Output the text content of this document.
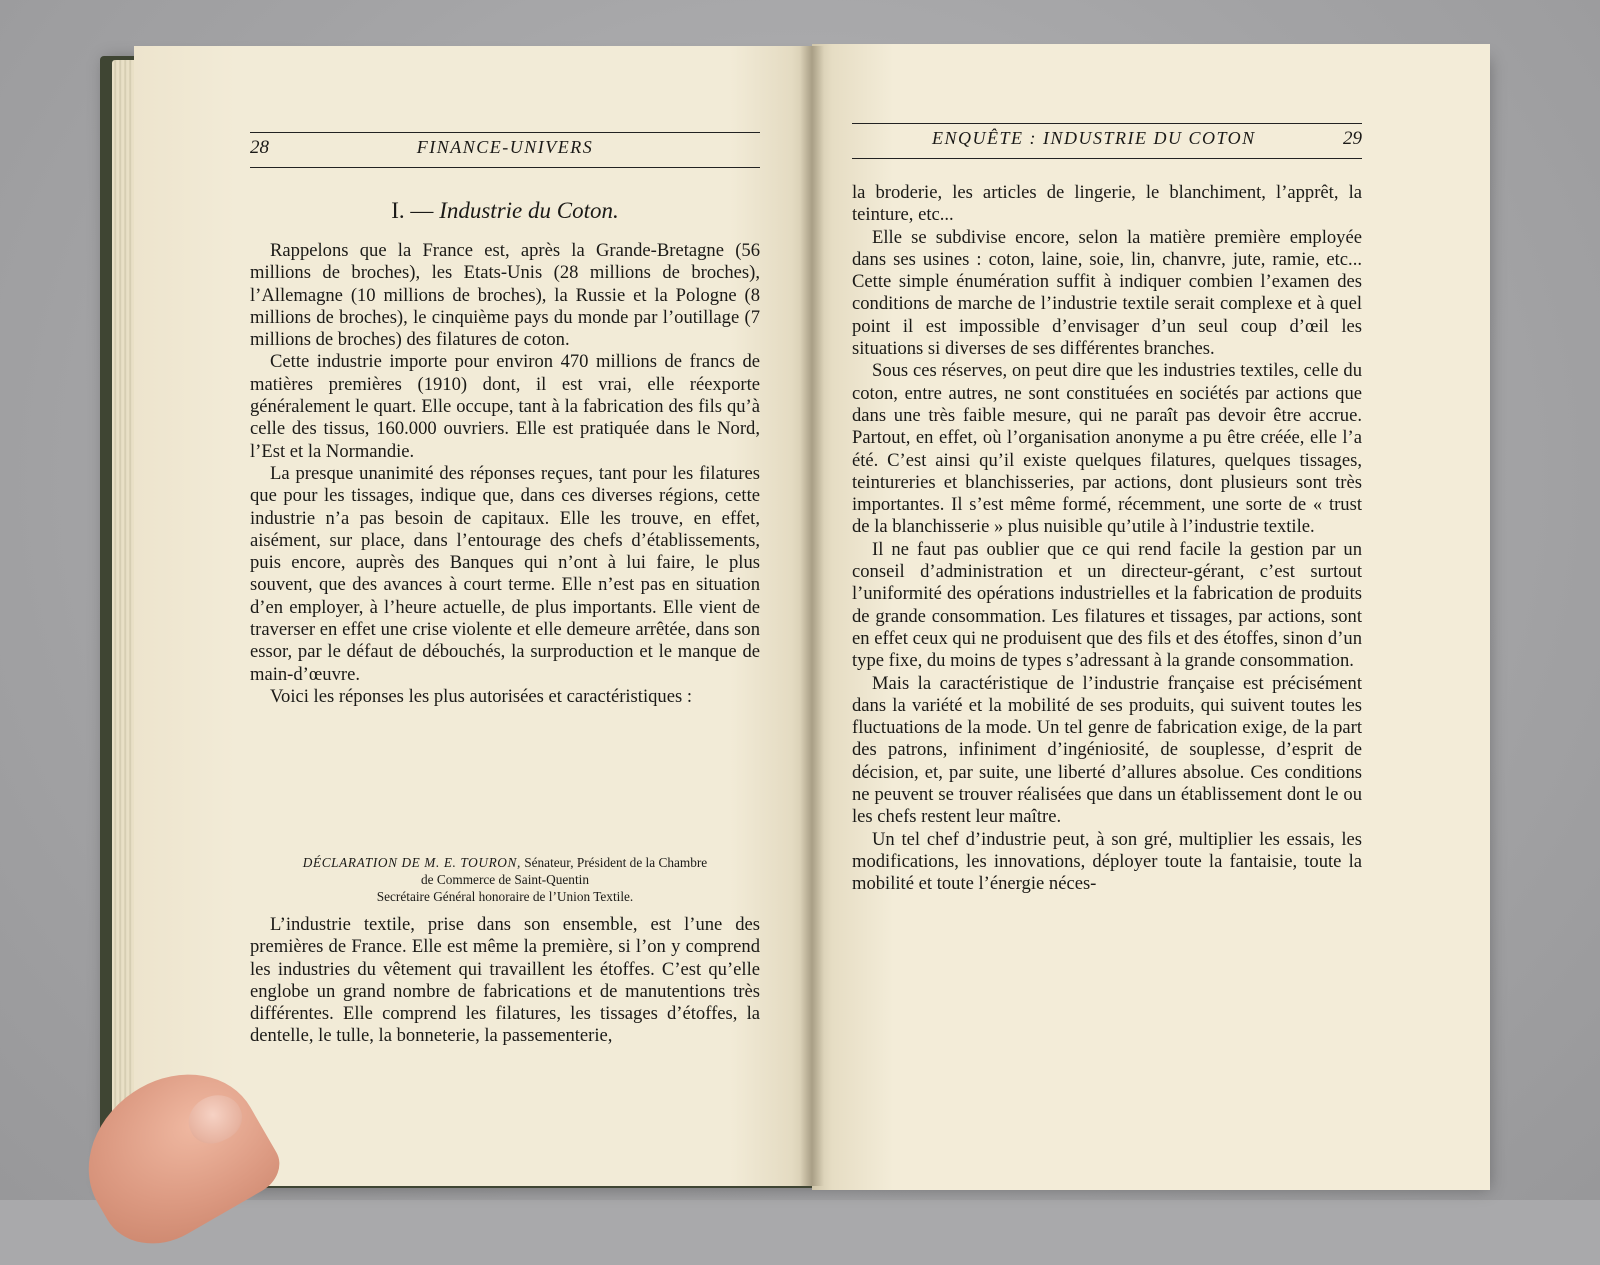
28	FINANCE-UNIVERS
I. — Industrie du Coton.

Rappelons que la France est, après la Grande-Bretagne (56 millions de broches), les Etats-Unis (28 millions de broches), l’Allemagne (10 millions de broches), la Russie et la Pologne (8 millions de broches), le cinquième pays du monde par l’outillage (7 millions de broches) des filatures de coton.

Cette industrie importe pour environ 470 millions de francs de matières premières (1910) dont, il est vrai, elle réexporte généralement le quart. Elle occupe, tant à la fabrication des fils qu’à celle des tissus, 160.000 ouvriers. Elle est pratiquée dans le Nord, l’Est et la Normandie.

La presque unanimité des réponses reçues, tant pour les filatures que pour les tissages, indique que, dans ces diverses régions, cette industrie n’a pas besoin de capitaux. Elle les trouve, en effet, aisément, sur place, dans l’entourage des chefs d’établissements, puis encore, auprès des Banques qui n’ont à lui faire, le plus souvent, que des avances à court terme. Elle n’est pas en situation d’en employer, à l’heure actuelle, de plus importants. Elle vient de traverser en effet une crise violente et elle demeure arrêtée, dans son essor, par le défaut de débouchés, la surproduction et le manque de main-d’œuvre.

Voici les réponses les plus autorisées et caractéristiques :

DÉCLARATION DE M. E. TOURON, Sénateur, Président de la Chambre
de Commerce de Saint-Quentin
Secrétaire Général honoraire de l’Union Textile.

L’industrie textile, prise dans son ensemble, est l’une des premières de France. Elle est même la première, si l’on y comprend les industries du vêtement qui travaillent les étoffes. C’est qu’elle englobe un grand nombre de fabrications et de manutentions très différentes. Elle comprend les filatures, les tissages d’étoffes, la dentelle, le tulle, la bonneterie, la passementerie,

ENQUÊTE : INDUSTRIE DU COTON	29

la broderie, les articles de lingerie, le blanchiment, l’apprêt, la teinture, etc...

Elle se subdivise encore, selon la matière première employée dans ses usines : coton, laine, soie, lin, chanvre, jute, ramie, etc... Cette simple énumération suffit à indiquer combien l’examen des conditions de marche de l’industrie textile serait complexe et à quel point il est impossible d’envisager d’un seul coup d’œil les situations si diverses de ses différentes branches.

Sous ces réserves, on peut dire que les industries textiles, celle du coton, entre autres, ne sont constituées en sociétés par actions que dans une très faible mesure, qui ne paraît pas devoir être accrue. Partout, en effet, où l’organisation anonyme a pu être créée, elle l’a été. C’est ainsi qu’il existe quelques filatures, quelques tissages, teintureries et blanchisseries, par actions, dont plusieurs sont très importantes. Il s’est même formé, récemment, une sorte de « trust de la blanchisserie » plus nuisible qu’utile à l’industrie textile.

Il ne faut pas oublier que ce qui rend facile la gestion par un conseil d’administration et un directeur-gérant, c’est surtout l’uniformité des opérations industrielles et la fabrication de produits de grande consommation. Les filatures et tissages, par actions, sont en effet ceux qui ne produisent que des fils et des étoffes, sinon d’un type fixe, du moins de types s’adressant à la grande consommation.

Mais la caractéristique de l’industrie française est précisément dans la variété et la mobilité de ses produits, qui suivent toutes les fluctuations de la mode. Un tel genre de fabrication exige, de la part des patrons, infiniment d’ingéniosité, de souplesse, d’esprit de décision, et, par suite, une liberté d’allures absolue. Ces conditions ne peuvent se trouver réalisées que dans un établissement dont le ou les chefs restent leur maître.

Un tel chef d’industrie peut, à son gré, multiplier les essais, les modifications, les innovations, déployer toute la fantaisie, toute la mobilité et toute l’énergie néces-
